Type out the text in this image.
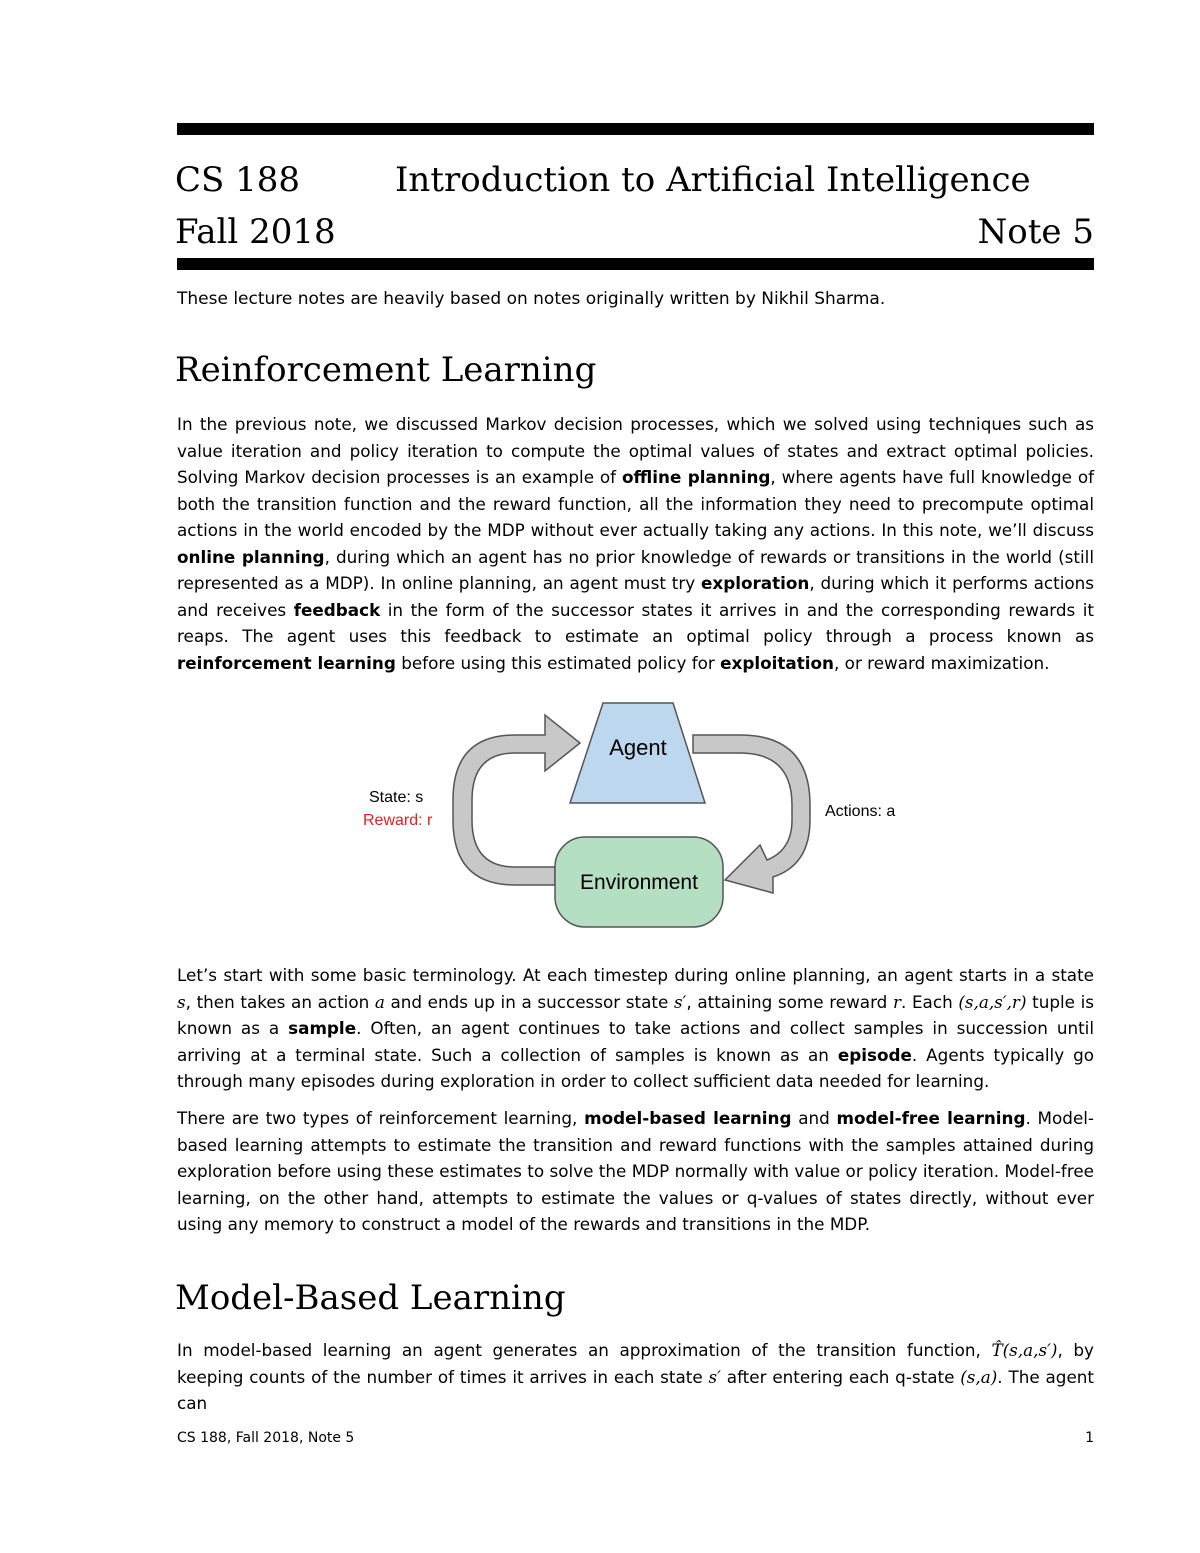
CS 188	Introduction to Artificial Intelligence
Fall 2018	Note 5
These lecture notes are heavily based on notes originally written by Nikhil Sharma.
Reinforcement Learning
In the previous note, we discussed Markov decision processes, which we solved using techniques such as value iteration and policy iteration to compute the optimal values of states and extract optimal policies. Solving Markov decision processes is an example of offline planning, where agents have full knowledge of both the transition function and the reward function, all the information they need to precompute optimal actions in the world encoded by the MDP without ever actually taking any actions. In this note, we’ll discuss online planning, during which an agent has no prior knowledge of rewards or transitions in the world (still represented as a MDP). In online planning, an agent must try exploration, during which it performs actions and receives feedback in the form of the successor states it arrives in and the corresponding rewards it reaps. The agent uses this feedback to estimate an optimal policy through a process known as reinforcement learning before using this estimated policy for exploitation, or reward maximization.
Agent
Environment
State: s
Reward: r
Actions: a
Let’s start with some basic terminology. At each timestep during online planning, an agent starts in a state s, then takes an action a and ends up in a successor state s′, attaining some reward r. Each (s,a,s′,r) tuple is known as a sample. Often, an agent continues to take actions and collect samples in succession until arriving at a terminal state. Such a collection of samples is known as an episode. Agents typically go through many episodes during exploration in order to collect sufficient data needed for learning.
There are two types of reinforcement learning, model-based learning and model-free learning. Model-based learning attempts to estimate the transition and reward functions with the samples attained during exploration before using these estimates to solve the MDP normally with value or policy iteration. Model-free learning, on the other hand, attempts to estimate the values or q-values of states directly, without ever using any memory to construct a model of the rewards and transitions in the MDP.
Model-Based Learning
In model-based learning an agent generates an approximation of the transition function, T̂(s,a,s′), by keeping counts of the number of times it arrives in each state s′ after entering each q-state (s,a). The agent can
CS 188, Fall 2018, Note 5	1
